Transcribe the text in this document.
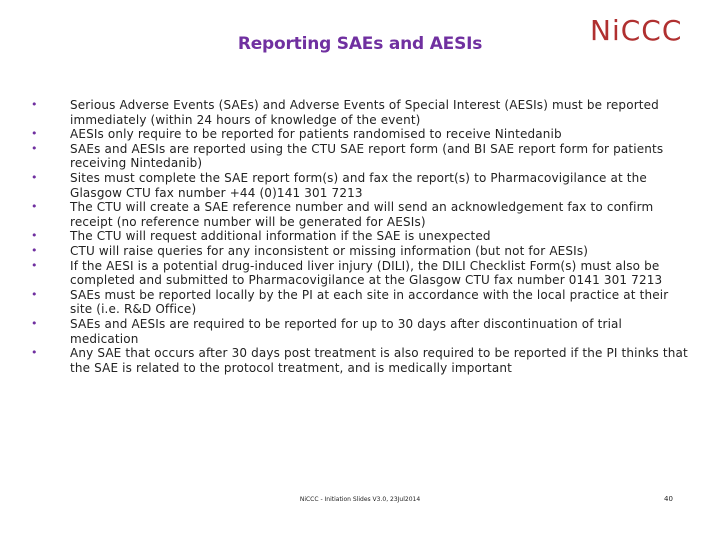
Reporting SAEs and AESIs	NiCCC
•	Serious Adverse Events (SAEs) and Adverse Events of Special Interest (AESIs) must be reported immediately (within 24 hours of knowledge of the event)
•	AESIs only require to be reported for patients randomised to receive Nintedanib
•	SAEs and AESIs are reported using the CTU SAE report form (and BI SAE report form for patients receiving Nintedanib)
•	Sites must complete the SAE report form(s) and fax the report(s) to Pharmacovigilance at the Glasgow CTU fax number +44 (0)141 301 7213
•	The CTU will create a SAE reference number and will send an acknowledgement fax to confirm receipt (no reference number will be generated for AESIs)
•	The CTU will request additional information if the SAE is unexpected
•	CTU will raise queries for any inconsistent or missing information (but not for AESIs)
•	If the AESI is a potential drug-induced liver injury (DILI), the DILI Checklist Form(s) must also be completed and submitted to Pharmacovigilance at the Glasgow CTU fax number 0141 301 7213
•	SAEs must be reported locally by the PI at each site in accordance with the local practice at their site (i.e. R&D Office)
•	SAEs and AESIs are required to be reported for up to 30 days after discontinuation of trial medication
•	Any SAE that occurs after 30 days post treatment is also required to be reported if the PI thinks that the SAE is related to the protocol treatment, and is medically important
NiCCC - Initiation Slides V3.0, 23Jul2014	40
